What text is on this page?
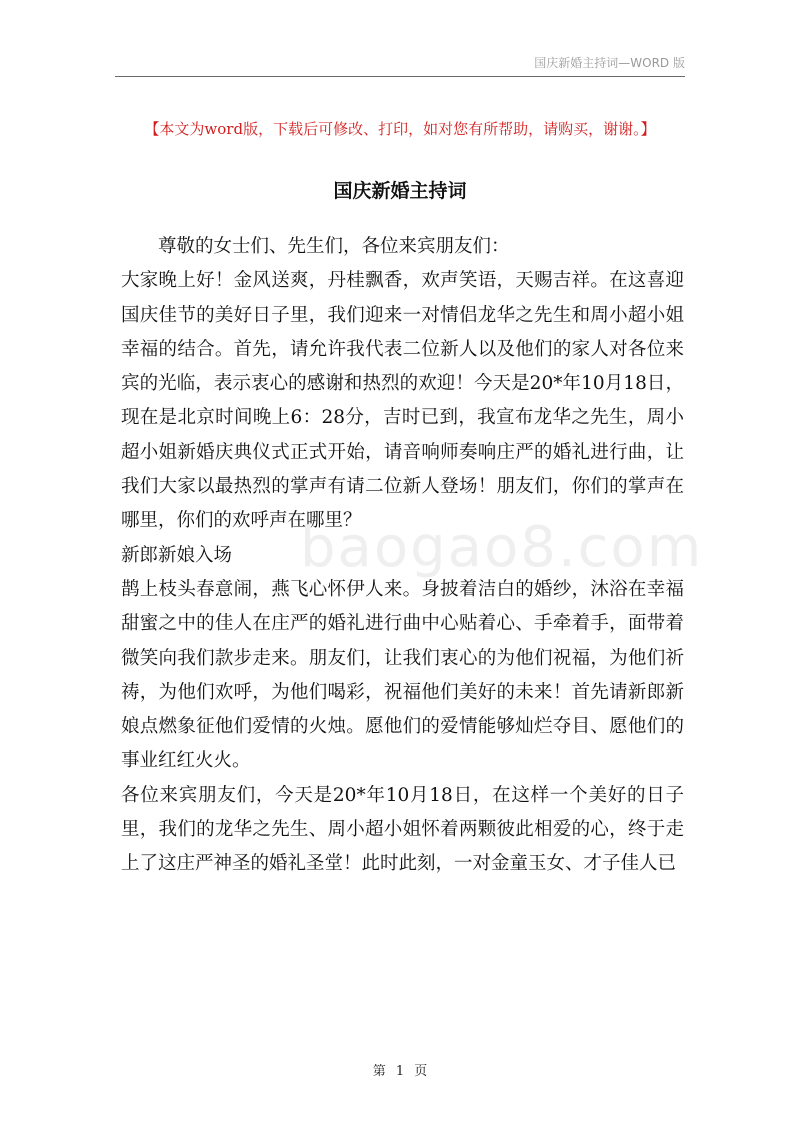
国庆新婚主持词—WORD 版
【本文为word版，下载后可修改、打印，如对您有所帮助，请购买，谢谢。】
国庆新婚主持词
baogao8.com

尊敬的女士们、先生们，各位来宾朋友们：

大家晚上好！金风送爽，丹桂飘香，欢声笑语，天赐吉祥。在这喜迎国庆佳节的美好日子里，我们迎来一对情侣龙华之先生和周小超小姐幸福的结合。首先，请允许我代表二位新人以及他们的家人对各位来宾的光临，表示衷心的感谢和热烈的欢迎！今天是20*年10月18日，现在是北京时间晚上6：28分，吉时已到，我宣布龙华之先生，周小超小姐新婚庆典仪式正式开始，请音响师奏响庄严的婚礼进行曲，让我们大家以最热烈的掌声有请二位新人登场！朋友们，你们的掌声在哪里，你们的欢呼声在哪里？

新郎新娘入场

鹊上枝头春意闹，燕飞心怀伊人来。身披着洁白的婚纱，沐浴在幸福甜蜜之中的佳人在庄严的婚礼进行曲中心贴着心、手牵着手，面带着微笑向我们款步走来。朋友们，让我们衷心的为他们祝福，为他们祈祷，为他们欢呼，为他们喝彩，祝福他们美好的未来！首先请新郎新娘点燃象征他们爱情的火烛。愿他们的爱情能够灿烂夺目、愿他们的事业红红火火。

各位来宾朋友们，今天是20*年10月18日，在这样一个美好的日子里，我们的龙华之先生、周小超小姐怀着两颗彼此相爱的心，终于走上了这庄严神圣的婚礼圣堂！此时此刻，一对金童玉女、才子佳人已

第 1 页
